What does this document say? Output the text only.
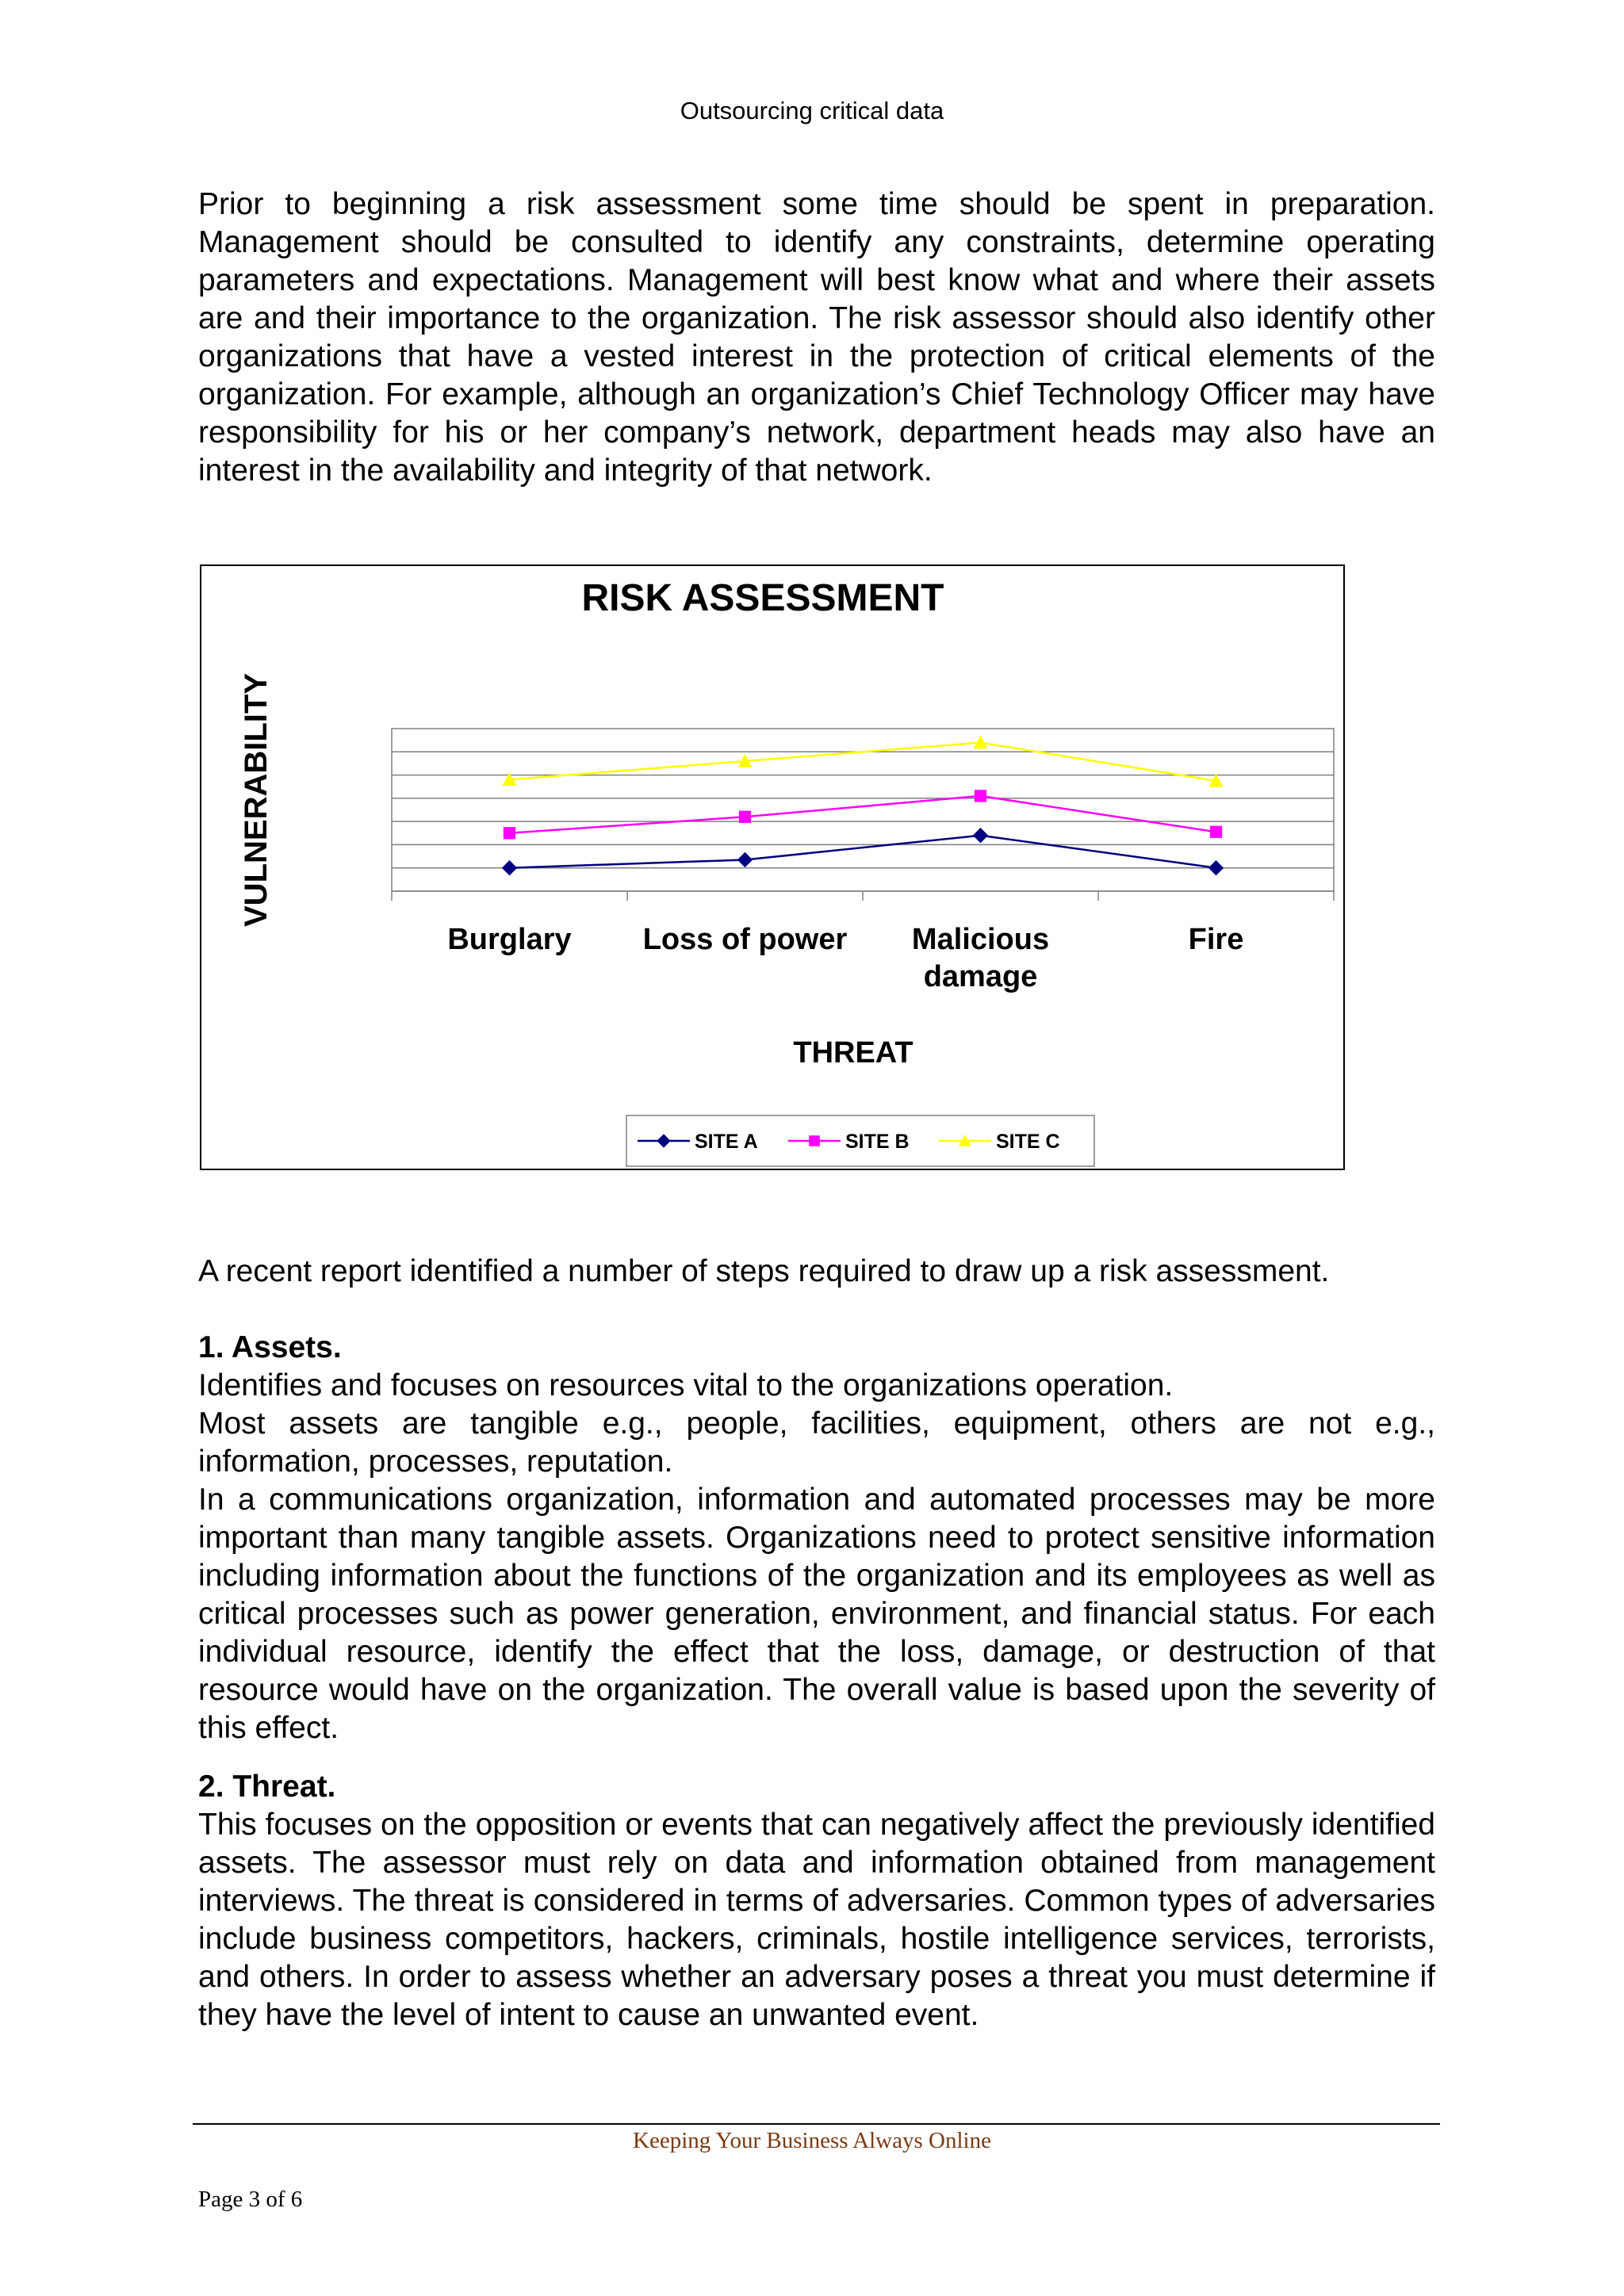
Outsourcing critical data

Prior to beginning a risk assessment some time should be spent in preparation. Management should be consulted to identify any constraints, determine operating parameters and expectations. Management will best know what and where their assets are and their importance to the organization. The risk assessor should also identify other organizations that have a vested interest in the protection of critical elements of the organization. For example, although an organization’s Chief Technology Officer may have responsibility for his or her company’s network, department heads may also have an interest in the availability and integrity of that network.

RISK ASSESSMENT
VULNERABILITY
THREAT
Burglary Loss of power Malicious damage
Fire
SITE A	SITE B	SITE C

A recent report identified a number of steps required to draw up a risk assessment.

1. Assets.

Identifies and focuses on resources vital to the organizations operation.

Most assets are tangible e.g., people, facilities, equipment, others are not e.g., information, processes, reputation.

In a communications organization, information and automated processes may be more important than many tangible assets. Organizations need to protect sensitive information including information about the functions of the organization and its employees as well as critical processes such as power generation, environment, and financial status. For each individual resource, identify the effect that the loss, damage, or destruction of that resource would have on the organization. The overall value is based upon the severity of this effect.

2. Threat.

This focuses on the opposition or events that can negatively affect the previously identified assets. The assessor must rely on data and information obtained from management interviews. The threat is considered in terms of adversaries. Common types of adversaries include business competitors, hackers, criminals, hostile intelligence services, terrorists, and others. In order to assess whether an adversary poses a threat you must determine if they have the level of intent to cause an unwanted event.

Keeping Your Business Always Online
Page 3 of 6
